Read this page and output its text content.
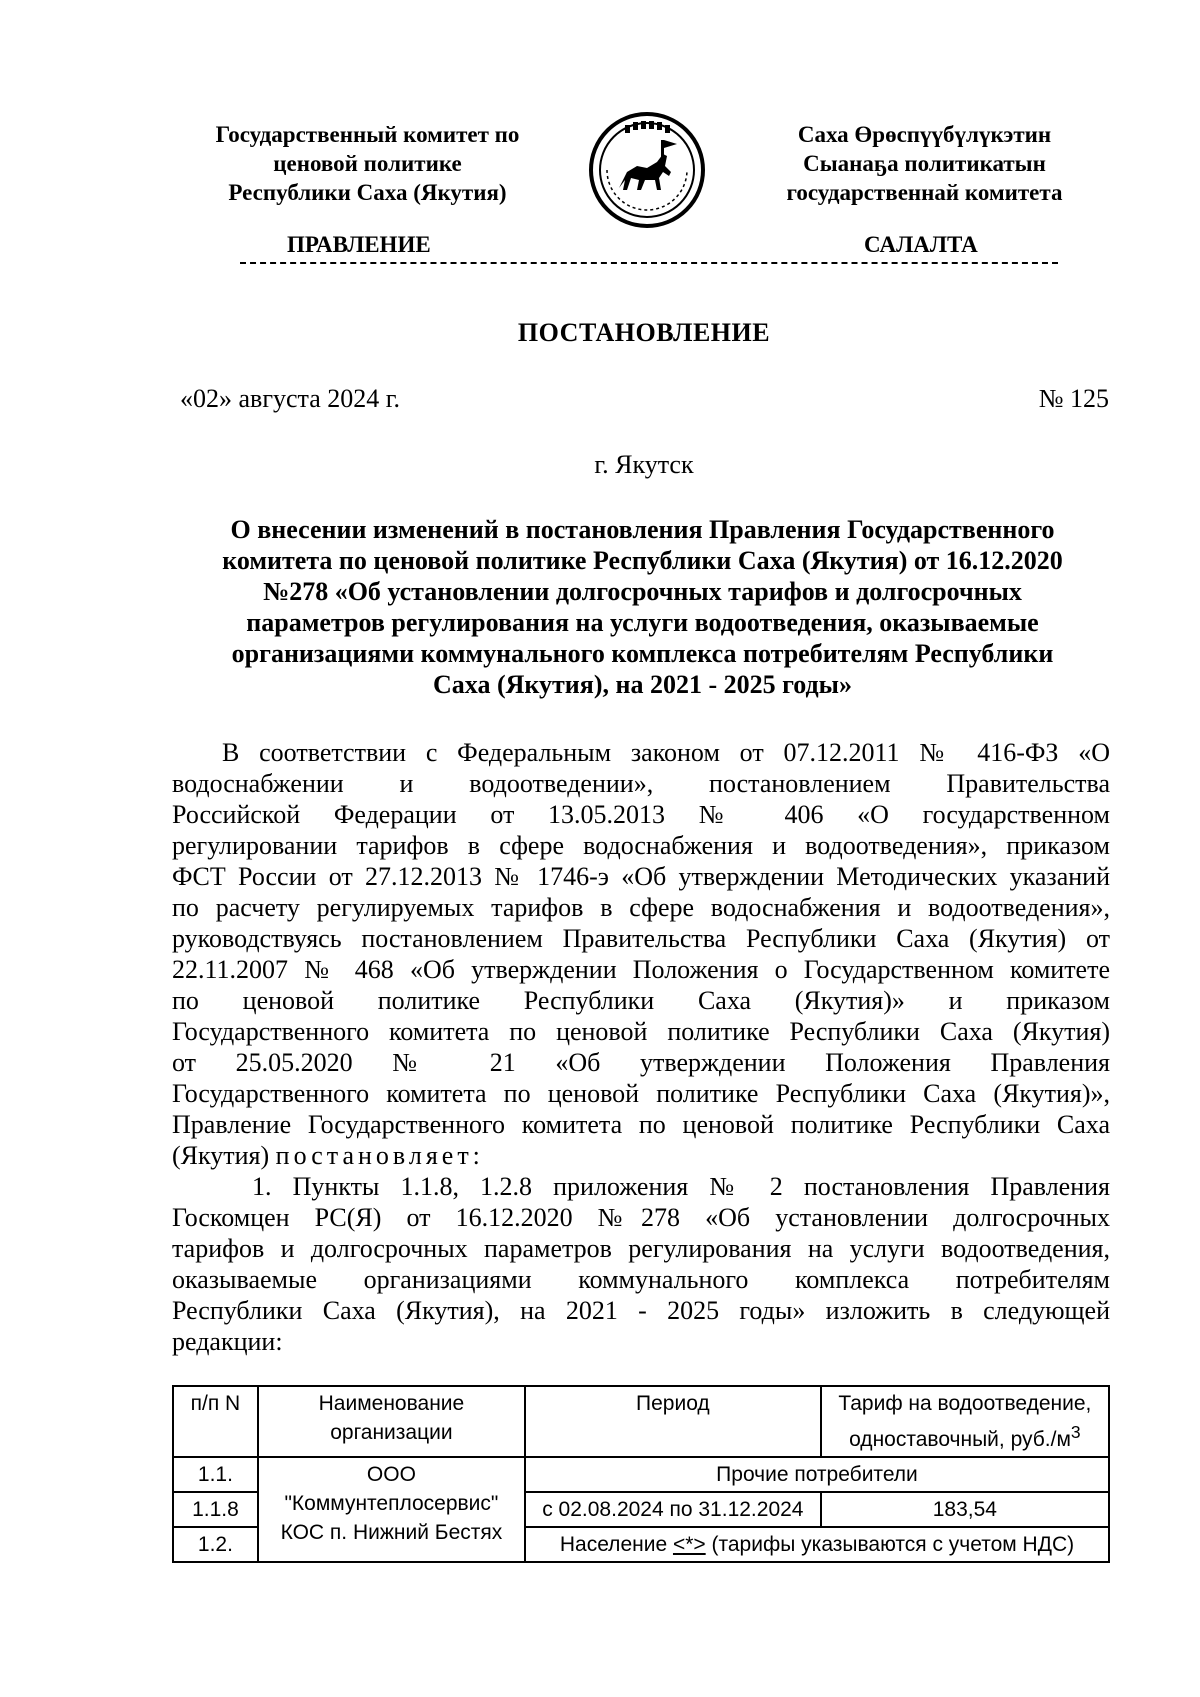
Государственный комитет по
ценовой политике
Республики Саха (Якутия)
Саха Өрөспүүбүлүкэтин
Сыанаҕа политикатын
государственнай комитета
ПРАВЛЕНИЕ	САЛАЛТА
ПОСТАНОВЛЕНИЕ
«02» августа 2024 г.	№ 125
г. Якутск
О внесении изменений в постановления Правления Государственного
комитета по ценовой политике Республики Саха (Якутия) от 16.12.2020
№278 «Об установлении долгосрочных тарифов и долгосрочных
параметров регулирования на услуги водоотведения, оказываемые
организациями коммунального комплекса потребителям Республики
Саха (Якутия), на 2021 - 2025 годы»
В соответствии с Федеральным законом от 07.12.2011 № 416-ФЗ «О
водоснабжении и водоотведении», постановлением Правительства
Российской Федерации от 13.05.2013 № 406 «О государственном
регулировании тарифов в сфере водоснабжения и водоотведения», приказом
ФСТ России от 27.12.2013 № 1746-э «Об утверждении Методических указаний
по расчету регулируемых тарифов в сфере водоснабжения и водоотведения»,
руководствуясь постановлением Правительства Республики Саха (Якутия) от
22.11.2007 № 468 «Об утверждении Положения о Государственном комитете
по ценовой политике Республики Саха (Якутия)» и приказом
Государственного комитета по ценовой политике Республики Саха (Якутия)
от 25.05.2020 № 21 «Об утверждении Положения Правления
Государственного комитета по ценовой политике Республики Саха (Якутия)»,
Правление Государственного комитета по ценовой политике Республики Саха
(Якутия) постановляет:
1. Пункты 1.1.8, 1.2.8 приложения № 2 постановления Правления
Госкомцен РС(Я) от 16.12.2020 №278 «Об установлении долгосрочных
тарифов и долгосрочных параметров регулирования на услуги водоотведения,
оказываемые организациями коммунального комплекса потребителям
Республики Саха (Якутия), на 2021 - 2025 годы» изложить в следующей
редакции:
п/п N	Наименование организации	Период	Тариф на водоотведение, одноставочный, $руб./м^3$
1.1.	ООО
"Коммунтеплосервис"
КОС п. Нижний Бестях	Прочие потребители	
1.1.8		с 02.08.2024 по 31.12.2024	183,54
1.2.		Население <*> (тарифы указываются с учетом НДС)	
